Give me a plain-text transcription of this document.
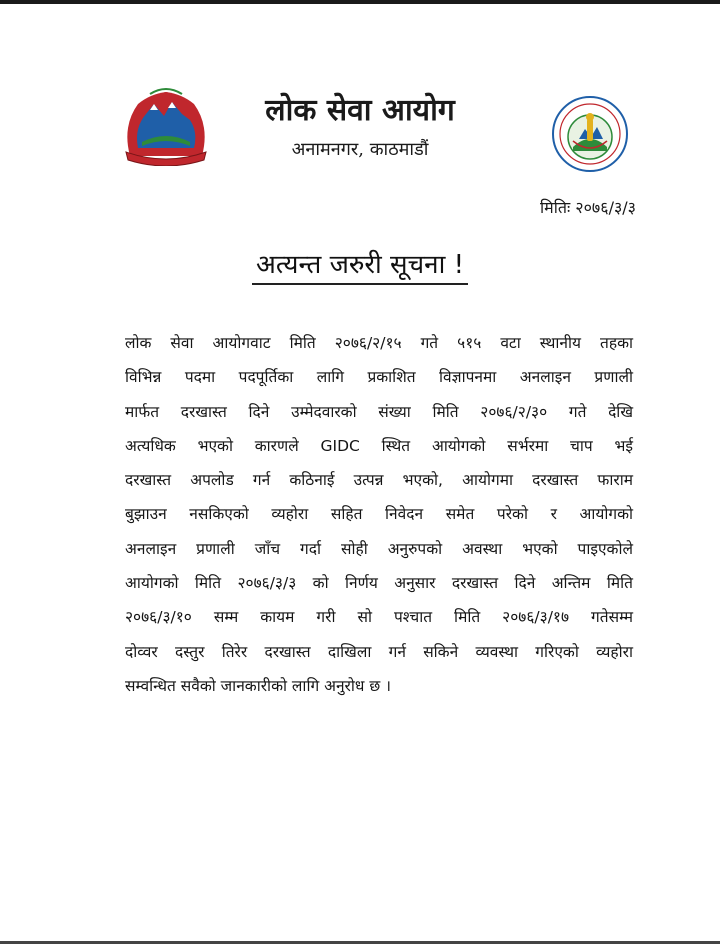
लोक सेवा आयोग
अनामनगर, काठमाडौं
मितिः २०७६/३/३
अत्यन्त जरुरी सूचना !
लोक सेवा आयोगवाट मिति २०७६/२/१५ गते ५१५ वटा स्थानीय तहका
विभिन्न पदमा पदपूर्तिका लागि प्रकाशित विज्ञापनमा अनलाइन प्रणाली
मार्फत दरखास्त दिने उम्मेदवारको संख्या मिति २०७६/२/३० गते देखि
अत्यधिक भएको कारणले GIDC स्थित आयोगको सर्भरमा चाप भई
दरखास्त अपलोड गर्न कठिनाई उत्पन्न भएको, आयोगमा दरखास्त फाराम
बुझाउन नसकिएको व्यहोरा सहित निवेदन समेत परेको र आयोगको
अनलाइन प्रणाली जाँच गर्दा सोही अनुरुपको अवस्था भएको पाइएकोले
आयोगको मिति २०७६/३/३ को निर्णय अनुसार दरखास्त दिने अन्तिम मिति
२०७६/३/१० सम्म कायम गरी सो पश्चात मिति २०७६/३/१७ गतेसम्म
दोव्वर दस्तुर तिरेर दरखास्त दाखिला गर्न सकिने व्यवस्था गरिएको व्यहोरा
सम्वन्धित सवैको जानकारीको लागि अनुरोध छ ।
